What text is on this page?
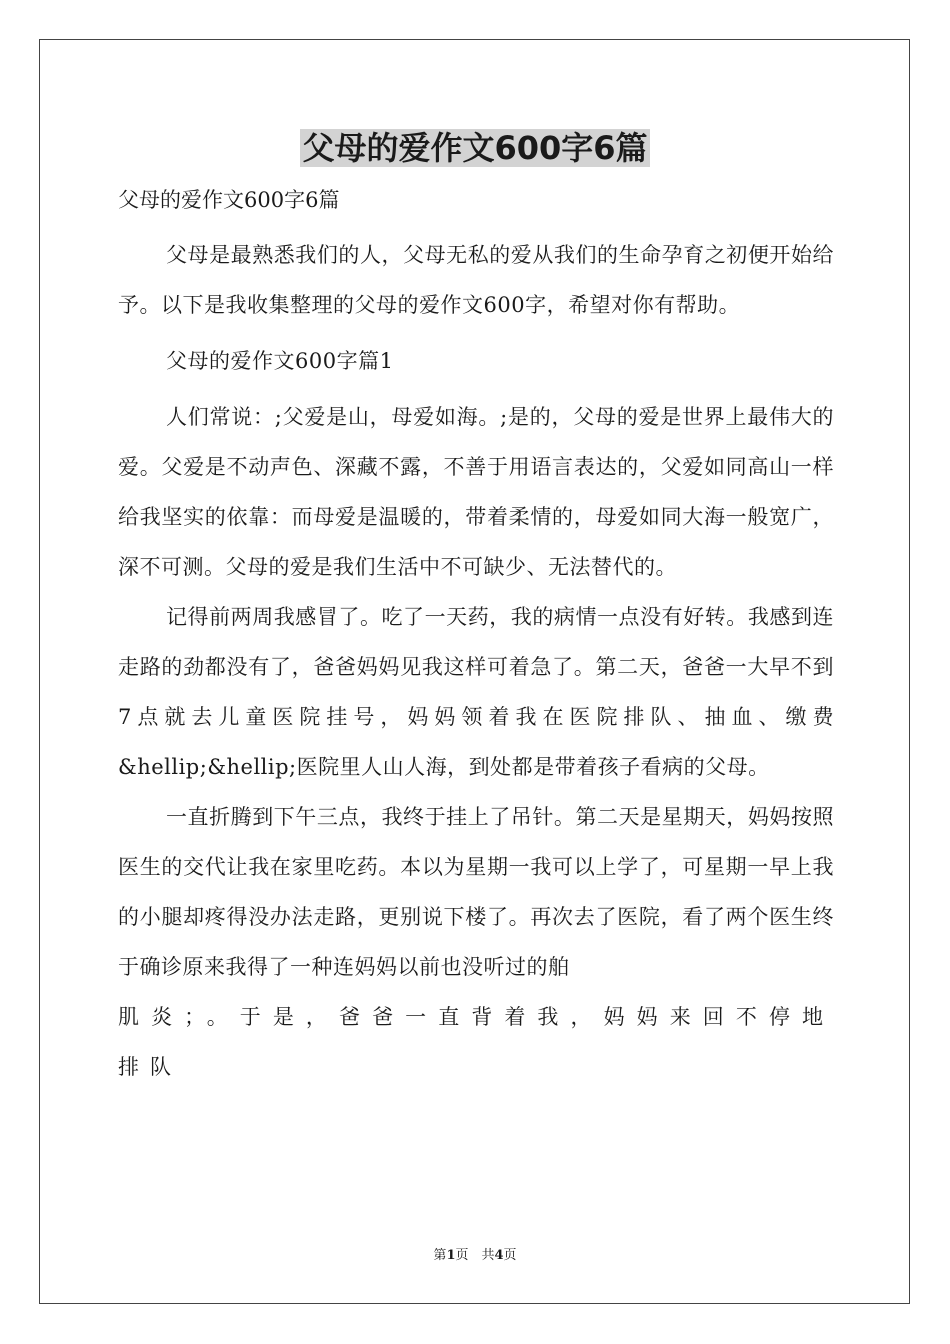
父母的爱作文600字6篇

父母的爱作文600字6篇

父母是最熟悉我们的人，父母无私的爱从我们的生命孕育之初便开始给予。以下是我收集整理的父母的爱作文600字，希望对你有帮助。

父母的爱作文600字篇1

人们常说：;父爱是山，母爱如海。;是的，父母的爱是世界上最伟大的爱。父爱是不动声色、深藏不露，不善于用语言表达的，父爱如同高山一样给我坚实的依靠：而母爱是温暖的，带着柔情的，母爱如同大海一般宽广，深不可测。父母的爱是我们生活中不可缺少、无法替代的。

记得前两周我感冒了。吃了一天药，我的病情一点没有好转。我感到连走路的劲都没有了，爸爸妈妈见我这样可着急了。第二天，爸爸一大早不到7点就去儿童医院挂号，妈妈领着我在医院排队、抽血、缴费&hellip;&hellip;医院里人山人海，到处都是带着孩子看病的父母。

一直折腾到下午三点，我终于挂上了吊针。第二天是星期天，妈妈按照医生的交代让我在家里吃药。本以为星期一我可以上学了，可星期一早上我的小腿却疼得没办法走路，更别说下楼了。再次去了医院，看了两个医生终于确诊原来我得了一种连妈妈以前也没听过的舶

肌炎；。于是，爸爸一直背着我，妈妈来回不停地排队

第1页　共4页
